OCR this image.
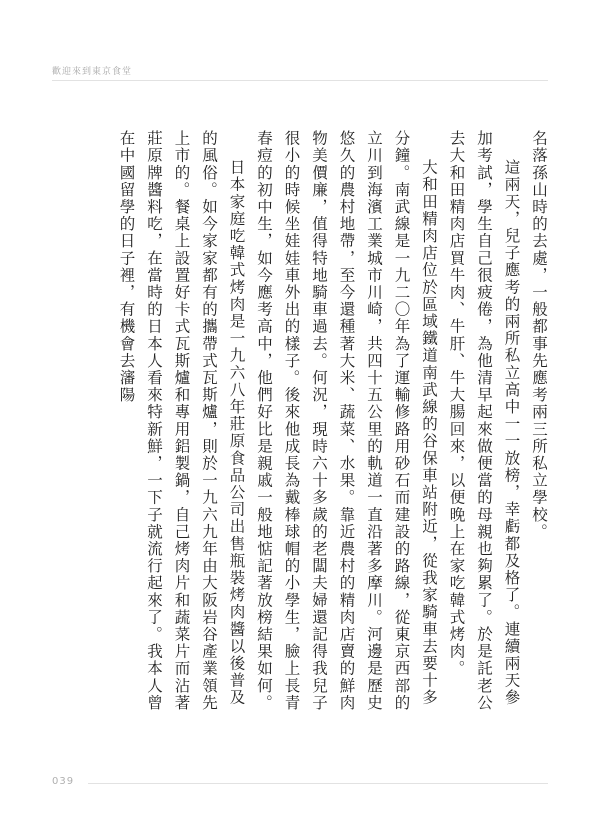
歡迎來到東京食堂

名落孫山時的去處，一般都事先應考兩三所私立學校。

這兩天，兒子應考的兩所私立高中一一放榜，幸虧都及格了。連續兩天參加考試，學生自己很疲倦，為他清早起來做便當的母親也夠累了。於是託老公去大和田精肉店買牛肉、牛肝、牛大腸回來，以便晚上在家吃韓式烤肉。

大和田精肉店位於區域鐵道南武線的谷保車站附近，從我家騎車去要十多分鐘。南武線是一九二〇年為了運輸修路用砂石而建設的路線，從東京西部的立川到海濱工業城市川崎，共四十五公里的軌道一直沿著多摩川。河邊是歷史悠久的農村地帶，至今還種著大米、蔬菜、水果。靠近農村的精肉店賣的鮮肉物美價廉，值得特地騎車過去。何況，現時六十多歲的老闆夫婦還記得我兒子很小的時候坐娃娃車外出的樣子。後來他成長為戴棒球帽的小學生，臉上長青春痘的初中生，如今應考高中，他們好比是親戚一般地惦記著放榜結果如何。

日本家庭吃韓式烤肉是一九六八年莊原食品公司出售瓶裝烤肉醬以後普及的風俗。如今家家都有的攜帶式瓦斯爐，則於一九六九年由大阪岩谷產業領先上市的。餐桌上設置好卡式瓦斯爐和專用鋁製鍋，自己烤肉片和蔬菜片而沾著莊原牌醬料吃，在當時的日本人看來特新鮮，一下子就流行起來了。我本人曾在中國留學的日子裡，有機會去瀋陽

039
